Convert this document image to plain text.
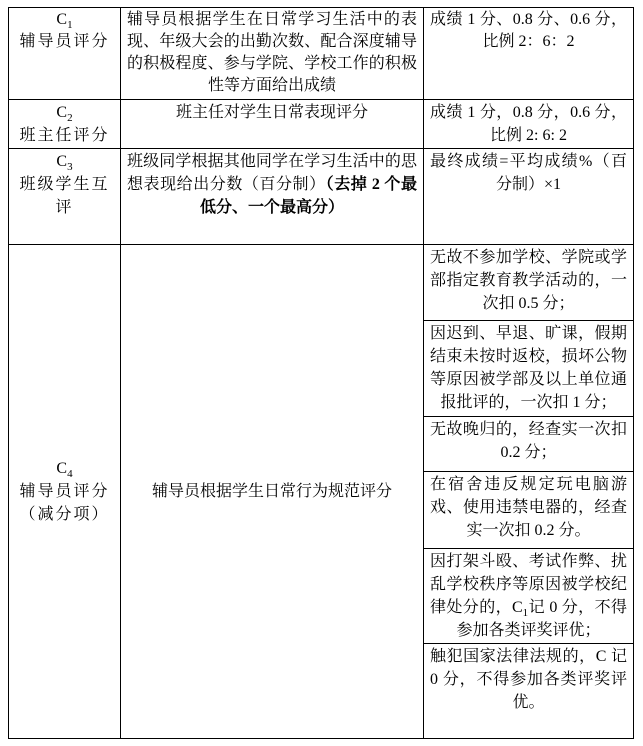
$C_1$
辅导员评分	辅导员根据学生在日常学习生活中的表现、年级大会的出勤次数、配合深度辅导的积极程度、参与学院、学校工作的积极性等方面给出成绩	成绩 1 分、0.8 分、0.6 分，比例 2：6：2

$C_2$
班主任评分	班主任对学生日常表现评分	成绩 1 分，0.8 分，0.6 分，比例 2: 6: 2

$C_3$
班级学生互评	班级同学根据其他同学在学习生活中的思想表现给出分数（百分制）（去掉 2 个最低分、一个最高分）	最终成绩=平均成绩%（百分制）×1

$C_4$
辅导员评分
（减分项）	辅导员根据学生日常行为规范评分	无故不参加学校、学院或学部指定教育教学活动的，一次扣 0.5 分；
		因迟到、早退、旷课，假期结束未按时返校，损坏公物等原因被学部及以上单位通报批评的，一次扣 1 分；
		无故晚归的，经查实一次扣 0.2 分；
		在宿舍违反规定玩电脑游戏、使用违禁电器的，经查实一次扣 0.2 分。
		因打架斗殴、考试作弊、扰乱学校秩序等原因被学校纪律处分的，$C_1$记 0 分，不得参加各类评奖评优；
		触犯国家法律法规的，C 记 0 分，不得参加各类评奖评优。
